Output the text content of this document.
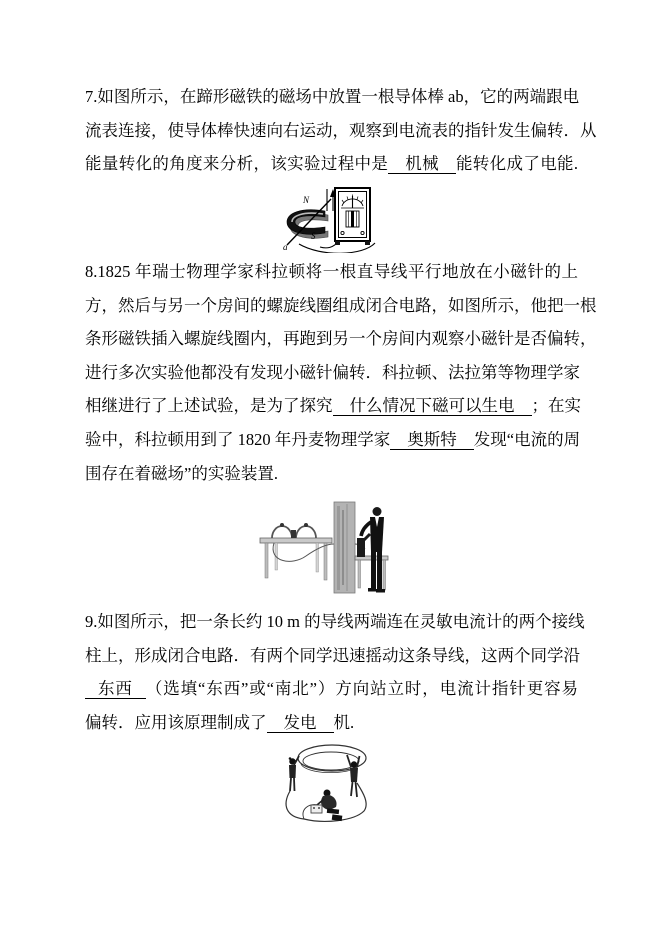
7.如图所示，在蹄形磁铁的磁场中放置一根导体棒 ab，它的两端跟电
流表连接，使导体棒快速向右运动，观察到电流表的指针发生偏转．从
能量转化的角度来分析，该实验过程中是 机械 能转化成了电能.
N
S
a
8.1825 年瑞士物理学家科拉顿将一根直导线平行地放在小磁针的上
方，然后与另一个房间的螺旋线圈组成闭合电路，如图所示，他把一根
条形磁铁插入螺旋线圈内，再跑到另一个房间内观察小磁针是否偏转，
进行多次实验他都没有发现小磁针偏转．科拉顿、法拉第等物理学家
相继进行了上述试验，是为了探究 什么情况下磁可以生电 ；在实
验中，科拉顿用到了 1820 年丹麦物理学家 奥斯特 发现“电流的周
围存在着磁场”的实验装置.
9.如图所示，把一条长约 10 m 的导线两端连在灵敏电流计的两个接线
柱上，形成闭合电路．有两个同学迅速摇动这条导线，这两个同学沿
东西 （选填“东西”或“南北”）方向站立时，电流计指针更容易
偏转．应用该原理制成了 发电 机.
